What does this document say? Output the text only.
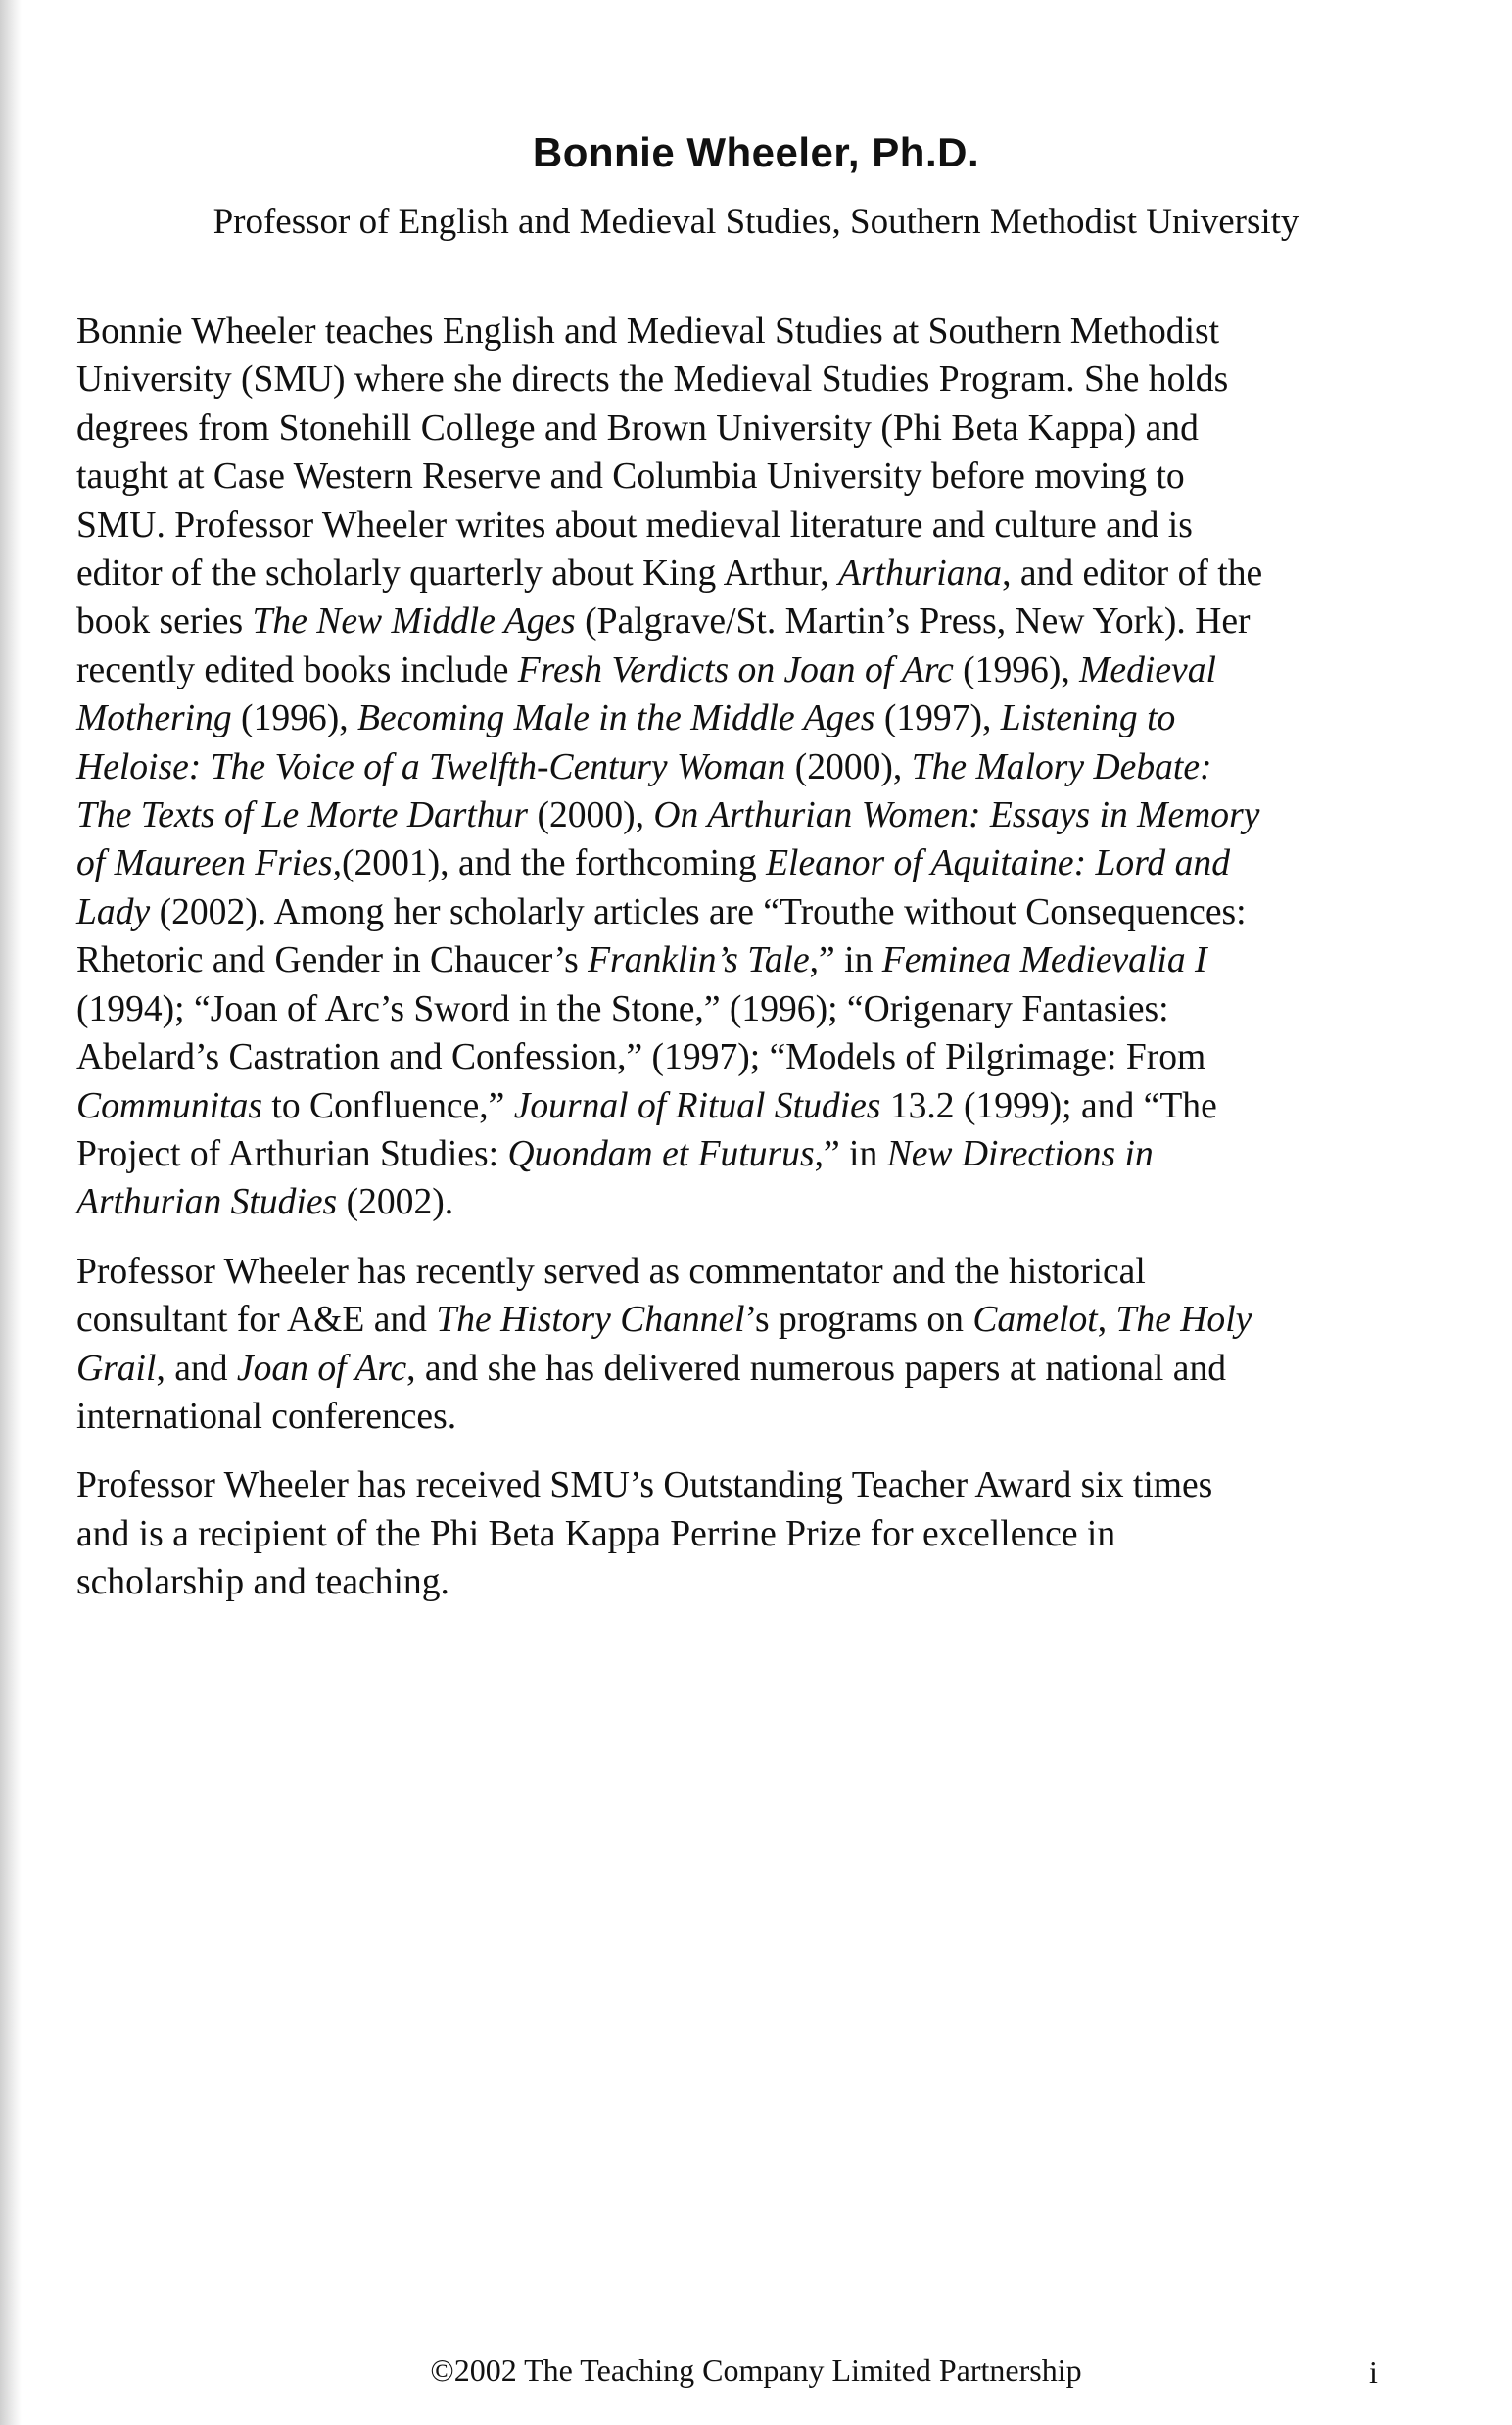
Bonnie Wheeler, Ph.D.

Professor of English and Medieval Studies, Southern Methodist University

Bonnie Wheeler teaches English and Medieval Studies at Southern Methodist
University (SMU) where she directs the Medieval Studies Program. She holds
degrees from Stonehill College and Brown University (Phi Beta Kappa) and
taught at Case Western Reserve and Columbia University before moving to
SMU. Professor Wheeler writes about medieval literature and culture and is
editor of the scholarly quarterly about King Arthur, Arthuriana, and editor of the
book series The New Middle Ages (Palgrave/St. Martin’s Press, New York). Her
recently edited books include Fresh Verdicts on Joan of Arc (1996), Medieval
Mothering (1996), Becoming Male in the Middle Ages (1997), Listening to
Heloise: The Voice of a Twelfth-Century Woman (2000), The Malory Debate:
The Texts of Le Morte Darthur (2000), On Arthurian Women: Essays in Memory
of Maureen Fries,(2001), and the forthcoming Eleanor of Aquitaine: Lord and
Lady (2002). Among her scholarly articles are “Trouthe without Consequences:
Rhetoric and Gender in Chaucer’s Franklin’s Tale,” in Feminea Medievalia I
(1994); “Joan of Arc’s Sword in the Stone,” (1996); “Origenary Fantasies:
Abelard’s Castration and Confession,” (1997); “Models of Pilgrimage: From
Communitas to Confluence,” Journal of Ritual Studies 13.2 (1999); and “The
Project of Arthurian Studies: Quondam et Futurus,” in New Directions in
Arthurian Studies (2002).

Professor Wheeler has recently served as commentator and the historical
consultant for A&E and The History Channel’s programs on Camelot, The Holy
Grail, and Joan of Arc, and she has delivered numerous papers at national and
international conferences.

Professor Wheeler has received SMU’s Outstanding Teacher Award six times
and is a recipient of the Phi Beta Kappa Perrine Prize for excellence in
scholarship and teaching.

©2002 The Teaching Company Limited Partnership	i
